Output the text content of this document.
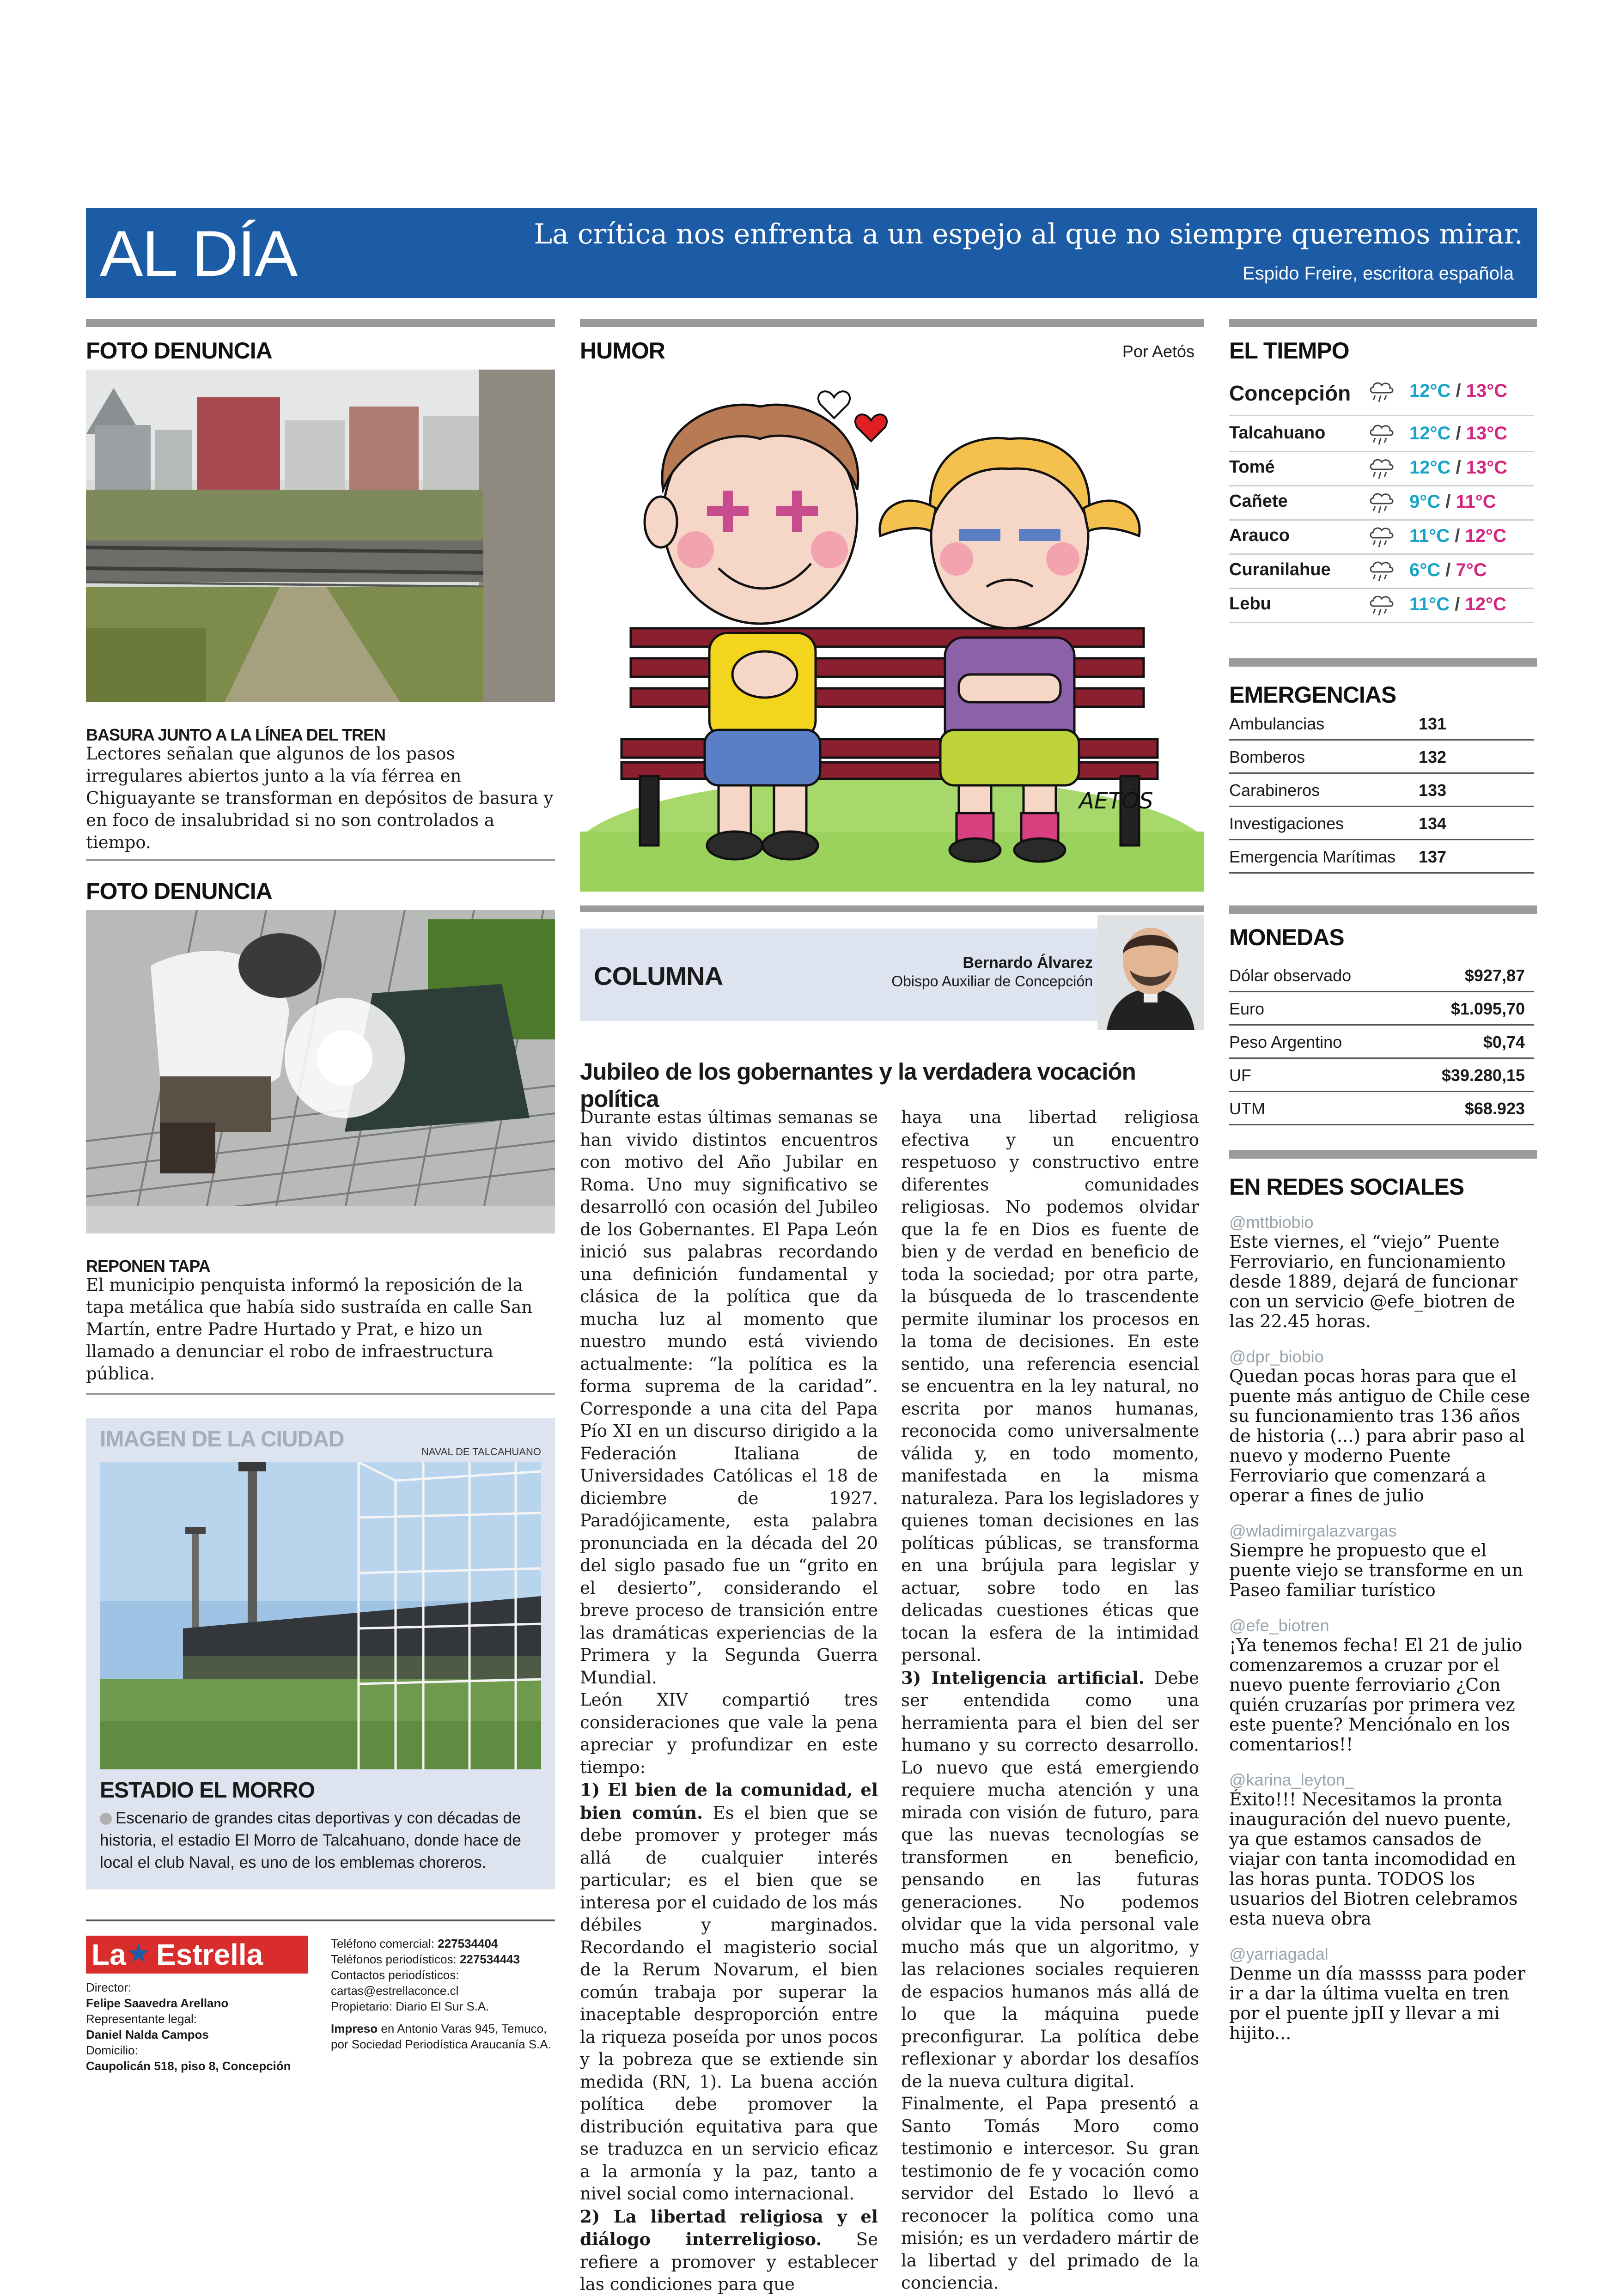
AL DÍA	La crítica nos enfrenta a un espejo al que no siempre queremos mirar.
Espido Freire, escritora española
FOTO DENUNCIA
BASURA JUNTO A LA LÍNEA DEL TREN
Lectores señalan que algunos de los pasos irregulares abiertos junto a la vía férrea en Chiguayante se transforman en depósitos de basura y en foco de insalubridad si no son controlados a tiempo.
FOTO DENUNCIA
REPONEN TAPA
El municipio penquista informó la reposición de la tapa metálica que había sido sustraída en calle San Martín, entre Padre Hurtado y Prat, e hizo un llamado a denunciar el robo de infraestructura pública.
IMAGEN DE LA CIUDAD
NAVAL DE TALCAHUANO
ESTADIO EL MORRO
Escenario de grandes citas deportivas y con décadas de historia, el estadio El Morro de Talcahuano, donde hace de local el club Naval, es uno de los emblemas choreros.
La ★ Estrella
Director:
Felipe Saavedra Arellano
Representante legal:
Daniel Nalda Campos
Domicilio:
Caupolicán 518, piso 8, Concepción
Teléfono comercial: 227534404
Teléfonos periodísticos: 227534443
Contactos periodísticos:
cartas@estrellaconce.cl
Propietario: Diario El Sur S.A.
Impreso en Antonio Varas 945, Temuco, por Sociedad Periodística Araucanía S.A.
HUMOR	Por Aetós
AETÓS
COLUMNA	Bernardo Álvarez
Obispo Auxiliar de Concepción
Jubileo de los gobernantes y la verdadera vocación política

Durante estas últimas semanas se han vivido distintos encuentros con motivo del Año Jubilar en Roma. Uno muy significativo se desarrolló con ocasión del Jubileo de los Gobernantes. El Papa León inició sus palabras recordando una definición fundamental y clásica de la política que da mucha luz al momento que nuestro mundo está viviendo actualmente: “la política es la forma suprema de la caridad”. Corresponde a una cita del Papa Pío XI en un discurso dirigido a la Federación Italiana de Universidades Católicas el 18 de diciembre de 1927. Paradójicamente, esta palabra pronunciada en la década del 20 del siglo pasado fue un “grito en el desierto”, considerando el breve proceso de transición entre las dramáticas experiencias de la Primera y la Segunda Guerra Mundial.

León XIV compartió tres consideraciones que vale la pena apreciar y profundizar en este tiempo:

1) El bien de la comunidad, el bien común. Es el bien que se debe promover y proteger más allá de cualquier interés particular; es el bien que se interesa por el cuidado de los más débiles y marginados. Recordando el magisterio social de la Rerum Novarum, el bien común trabaja por superar la inaceptable desproporción entre la riqueza poseída por unos pocos y la pobreza que se extiende sin medida (RN, 1). La buena acción política debe promover la distribución equitativa para que se traduzca en un servicio eficaz a la armonía y la paz, tanto a nivel social como internacional.

2) La libertad religiosa y el diálogo interreligioso. Se refiere a promover y establecer las condiciones para que

haya una libertad religiosa efectiva y un encuentro respetuoso y constructivo entre diferentes comunidades religiosas. No podemos olvidar que la fe en Dios es fuente de bien y de verdad en beneficio de toda la sociedad; por otra parte, la búsqueda de lo trascendente permite iluminar los procesos en la toma de decisiones. En este sentido, una referencia esencial se encuentra en la ley natural, no escrita por manos humanas, reconocida como universalmente válida y, en todo momento, manifestada en la misma naturaleza. Para los legisladores y quienes toman decisiones en las políticas públicas, se transforma en una brújula para legislar y actuar, sobre todo en las delicadas cuestiones éticas que tocan la esfera de la intimidad personal.

3) Inteligencia artificial. Debe ser entendida como una herramienta para el bien del ser humano y su correcto desarrollo. Lo nuevo que está emergiendo requiere mucha atención y una mirada con visión de futuro, para que las nuevas tecnologías se transformen en beneficio, pensando en las futuras generaciones. No podemos olvidar que la vida personal vale mucho más que un algoritmo, y las relaciones sociales requieren de espacios humanos más allá de lo que la máquina puede preconfigurar. La política debe reflexionar y abordar los desafíos de la nueva cultura digital.

Finalmente, el Papa presentó a Santo Tomás Moro como testimonio e intercesor. Su gran testimonio de fe y vocación como servidor del Estado lo llevó a reconocer la política como una misión; es un verdadero mártir de la libertad y del primado de la conciencia.

EL TIEMPO
Concepción	12°C / 13°C
Talcahuano	12°C / 13°C
Tomé	12°C / 13°C
Cañete	9°C / 11°C
Arauco	11°C / 12°C
Curanilahue	6°C / 7°C
Lebu	11°C / 12°C
EMERGENCIAS
Ambulancias	131
Bomberos	132
Carabineros	133
Investigaciones	134
Emergencia Marítimas 137
MONEDAS
Dólar observado	$927,87
Euro	$1.095,70
Peso Argentino	$0,74
UF	$39.280,15
UTM	$68.923
EN REDES SOCIALES
@mttbiobio
Este viernes, el “viejo” Puente Ferroviario, en funcionamiento desde 1889, dejará de funcionar con un servicio @efe_biotren de las 22.45 horas.
@dpr_biobio
Quedan pocas horas para que el puente más antiguo de Chile cese su funcionamiento tras 136 años de historia (...) para abrir paso al nuevo y moderno Puente Ferroviario que comenzará a operar a fines de julio
@wladimirgalazvargas
Siempre he propuesto que el puente viejo se transforme en un Paseo familiar turístico
@efe_biotren
¡Ya tenemos fecha! El 21 de julio comenzaremos a cruzar por el nuevo puente ferroviario ¿Con quién cruzarías por primera vez este puente? Menciónalo en los comentarios!!
@karina_leyton_
Éxito!!! Necesitamos la pronta inauguración del nuevo puente, ya que estamos cansados de viajar con tanta incomodidad en las horas punta. TODOS los usuarios del Biotren celebramos esta nueva obra
@yarriagadal
Denme un día massss para poder ir a dar la última vuelta en tren por el puente jpII y llevar a mi hijito...
